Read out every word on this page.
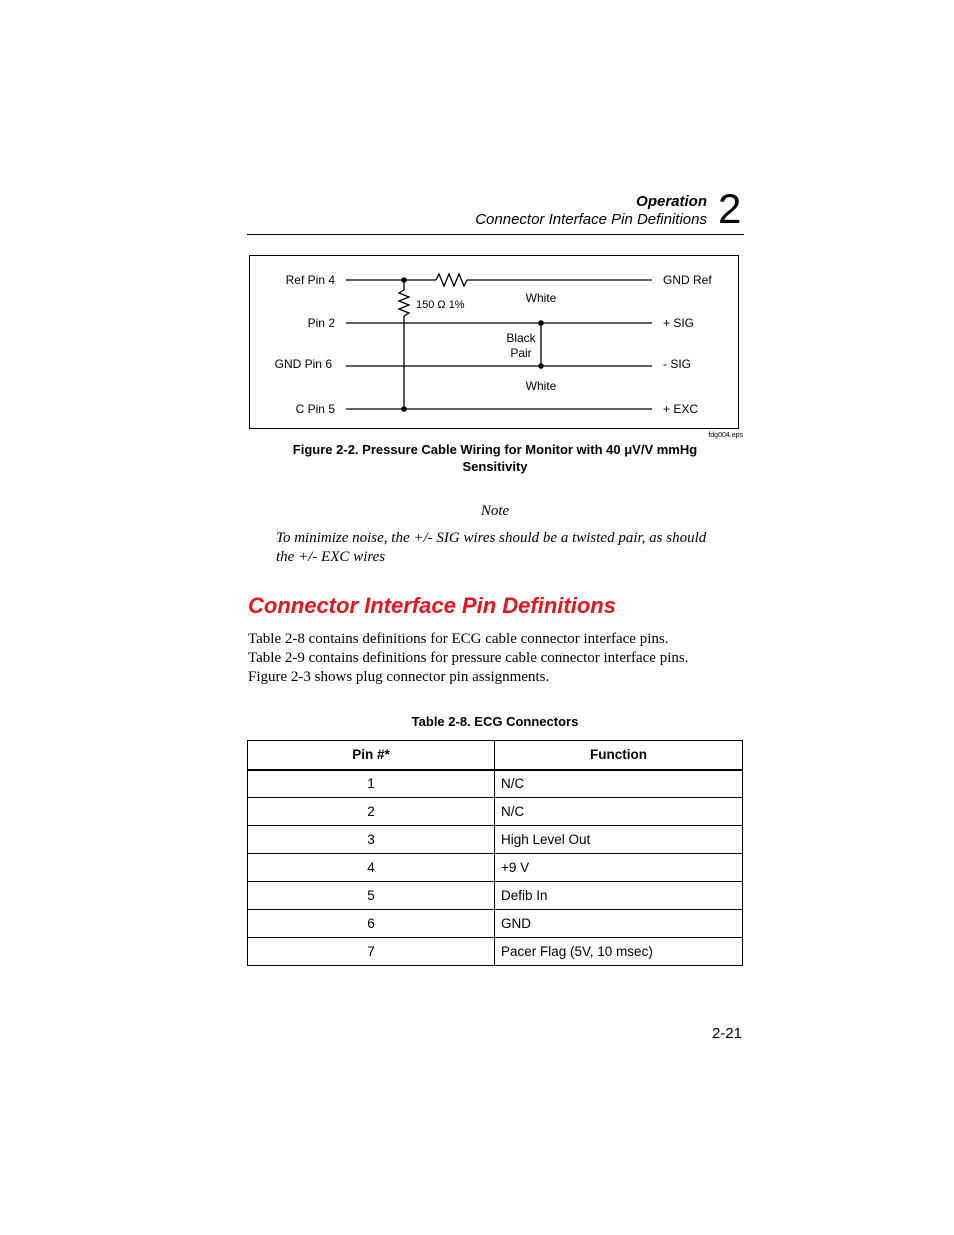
Operation
Connector Interface Pin Definitions 2
Ref Pin 4
Pin 2
GND Pin 6
C Pin 5
GND Ref
+ SIG
- SIG
+ EXC
150 Ω 1%	White
Black
Pair
White
fdg004.eps
Figure 2-2. Pressure Cable Wiring for Monitor with 40 μV/V mmHg
Sensitivity
Note
To minimize noise, the +/- SIG wires should be a twisted pair, as should the +/- EXC wires
Connector Interface Pin Definitions
Table 2-8 contains definitions for ECG cable connector interface pins.
Table 2-9 contains definitions for pressure cable connector interface pins.
Figure 2-3 shows plug connector pin assignments.
Table 2-8. ECG Connectors
Pin #*	Function
1	N/C
2	N/C
3	High Level Out
4	+9 V
5	Defib In
6	GND
7	Pacer Flag (5V, 10 msec)
2-21
